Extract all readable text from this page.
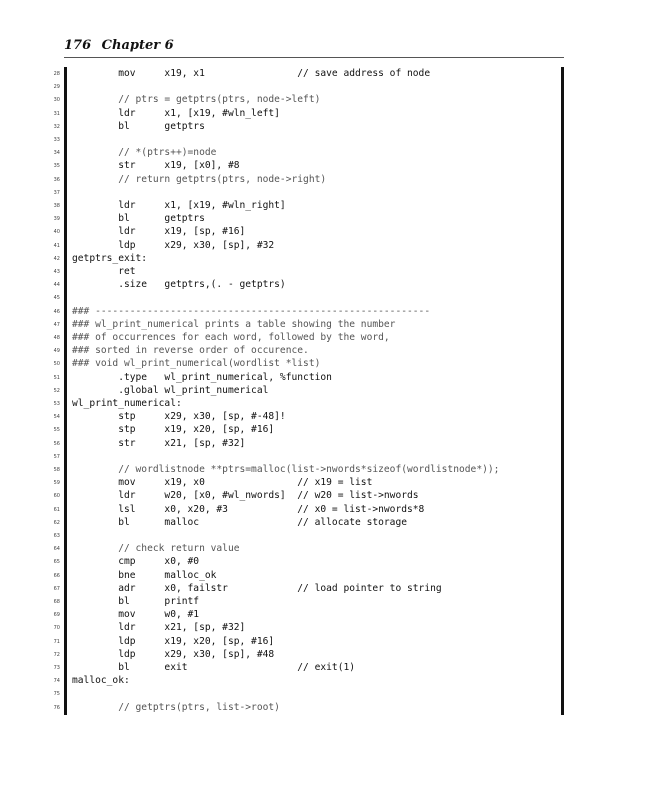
176 Chapter 6
28 mov     x19, x1                // save address of node
29
30 // ptrs = getptrs(ptrs, node->left)
31 ldr     x1, [x19, #wln_left]
32 bl      getptrs
33
34 // *(ptrs++)=node
35 str     x19, [x0], #8
36 // return getptrs(ptrs, node->right)
37
38 ldr     x1, [x19, #wln_right]
39 bl      getptrs
40 ldr     x19, [sp, #16]
41 ldp     x29, x30, [sp], #32
42 getptrs_exit:
43 ret
44 .size   getptrs,(. - getptrs)
45
46 ### ----------------------------------------------------------
47 ### wl_print_numerical prints a table showing the number
48 ### of occurrences for each word, followed by the word,
49 ### sorted in reverse order of occurence.
50 ### void wl_print_numerical(wordlist *list)
51 .type   wl_print_numerical, %function
52 .global wl_print_numerical
53 wl_print_numerical:
54 stp     x29, x30, [sp, #-48]!
55 stp     x19, x20, [sp, #16]
56 str     x21, [sp, #32]
57
58 // wordlistnode **ptrs=malloc(list->nwords*sizeof(wordlistnode*));
59 mov     x19, x0                // x19 = list
60 ldr     w20, [x0, #wl_nwords]  // w20 = list->nwords
61 lsl     x0, x20, #3            // x0 = list->nwords*8
62 bl      malloc                 // allocate storage
63
64 // check return value
65 cmp     x0, #0
66 bne     malloc_ok
67 adr     x0, failstr            // load pointer to string
68 bl      printf
69 mov     w0, #1
70 ldr     x21, [sp, #32]
71 ldp     x19, x20, [sp, #16]
72 ldp     x29, x30, [sp], #48
73 bl      exit                   // exit(1)
74 malloc_ok:
75
76 // getptrs(ptrs, list->root)
